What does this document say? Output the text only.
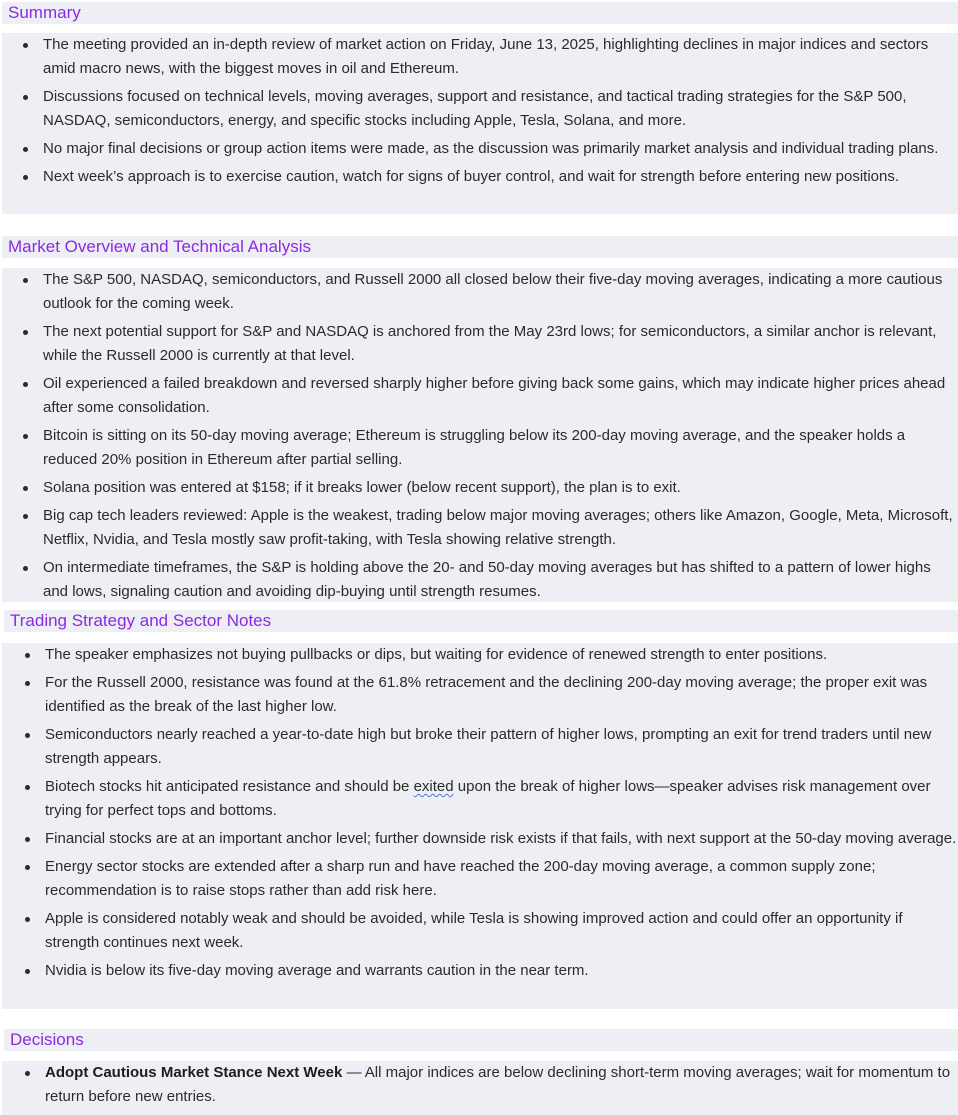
Summary
The meeting provided an in-depth review of market action on Friday, June 13, 2025, highlighting declines in major indices and sectors amid macro news, with the biggest moves in oil and Ethereum.
Discussions focused on technical levels, moving averages, support and resistance, and tactical trading strategies for the S&P 500, NASDAQ, semiconductors, energy, and specific stocks including Apple, Tesla, Solana, and more.
No major final decisions or group action items were made, as the discussion was primarily market analysis and individual trading plans.
Next week’s approach is to exercise caution, watch for signs of buyer control, and wait for strength before entering new positions.
Market Overview and Technical Analysis
The S&P 500, NASDAQ, semiconductors, and Russell 2000 all closed below their five-day moving averages, indicating a more cautious outlook for the coming week.
The next potential support for S&P and NASDAQ is anchored from the May 23rd lows; for semiconductors, a similar anchor is relevant, while the Russell 2000 is currently at that level.
Oil experienced a failed breakdown and reversed sharply higher before giving back some gains, which may indicate higher prices ahead after some consolidation.
Bitcoin is sitting on its 50-day moving average; Ethereum is struggling below its 200-day moving average, and the speaker holds a reduced 20% position in Ethereum after partial selling.
Solana position was entered at $158; if it breaks lower (below recent support), the plan is to exit.
Big cap tech leaders reviewed: Apple is the weakest, trading below major moving averages; others like Amazon, Google, Meta, Microsoft, Netflix, Nvidia, and Tesla mostly saw profit-taking, with Tesla showing relative strength.
On intermediate timeframes, the S&P is holding above the 20- and 50-day moving averages but has shifted to a pattern of lower highs and lows, signaling caution and avoiding dip-buying until strength resumes.
Trading Strategy and Sector Notes
The speaker emphasizes not buying pullbacks or dips, but waiting for evidence of renewed strength to enter positions.
For the Russell 2000, resistance was found at the 61.8% retracement and the declining 200-day moving average; the proper exit was identified as the break of the last higher low.
Semiconductors nearly reached a year-to-date high but broke their pattern of higher lows, prompting an exit for trend traders until new strength appears.
Biotech stocks hit anticipated resistance and should be exited upon the break of higher lows—speaker advises risk management over trying for perfect tops and bottoms.
Financial stocks are at an important anchor level; further downside risk exists if that fails, with next support at the 50-day moving average.
Energy sector stocks are extended after a sharp run and have reached the 200-day moving average, a common supply zone; recommendation is to raise stops rather than add risk here.
Apple is considered notably weak and should be avoided, while Tesla is showing improved action and could offer an opportunity if strength continues next week.
Nvidia is below its five-day moving average and warrants caution in the near term.
Decisions
Adopt Cautious Market Stance Next Week — All major indices are below declining short-term moving averages; wait for momentum to return before new entries.
